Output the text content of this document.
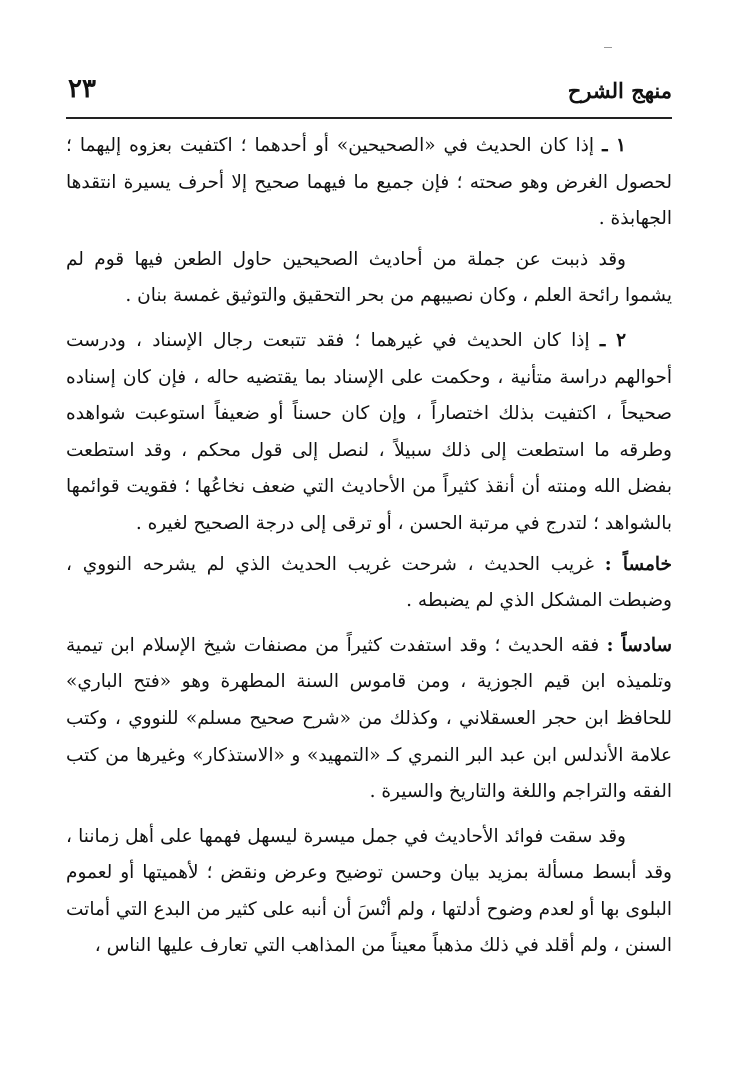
منهج الشرح
٢٣

١ ـ إذا كان الحديث في «الصحيحين» أو أحدهما ؛ اكتفيت بعزوه إليهما ؛ لحصول الغرض وهو صحته ؛ فإن جميع ما فيهما صحيح إلا أحرف يسيرة انتقدها الجهابذة .

وقد ذببت عن جملة من أحاديث الصحيحين حاول الطعن فيها قوم لم يشموا رائحة العلم ، وكان نصيبهم من بحر التحقيق والتوثيق غمسة بنان .

٢ ـ إذا كان الحديث في غيرهما ؛ فقد تتبعت رجال الإسناد ، ودرست أحوالهم دراسة متأنية ، وحكمت على الإسناد بما يقتضيه حاله ، فإن كان إسناده صحيحاً ، اكتفيت بذلك اختصاراً ، وإن كان حسناً أو ضعيفاً استوعبت شواهده وطرقه ما استطعت إلى ذلك سبيلاً ، لنصل إلى قول محكم ، وقد استطعت بفضل الله ومنته أن أنقذ كثيراً من الأحاديث التي ضعف نخاعُها ؛ فقويت قوائمها بالشواهد ؛ لتدرج في مرتبة الحسن ، أو ترقى إلى درجة الصحيح لغيره .

خامساً : غريب الحديث ، شرحت غريب الحديث الذي لم يشرحه النووي ، وضبطت المشكل الذي لم يضبطه .

سادساً : فقه الحديث ؛ وقد استفدت كثيراً من مصنفات شيخ الإسلام ابن تيمية وتلميذه ابن قيم الجوزية ، ومن قاموس السنة المطهرة وهو «فتح الباري» للحافظ ابن حجر العسقلاني ، وكذلك من «شرح صحيح مسلم» للنووي ، وكتب علامة الأندلس ابن عبد البر النمري كـ «التمهيد» و «الاستذكار» وغيرها من كتب الفقه والتراجم واللغة والتاريخ والسيرة .

وقد سقت فوائد الأحاديث في جمل ميسرة ليسهل فهمها على أهل زماننا ، وقد أبسط مسألة بمزيد بيان وحسن توضيح وعرض ونقض ؛ لأهميتها أو لعموم البلوى بها أو لعدم وضوح أدلتها ، ولم أنْسَ أن أنبه على كثير من البدع التي أماتت السنن ، ولم أقلد في ذلك مذهباً معيناً من المذاهب التي تعارف عليها الناس ،
